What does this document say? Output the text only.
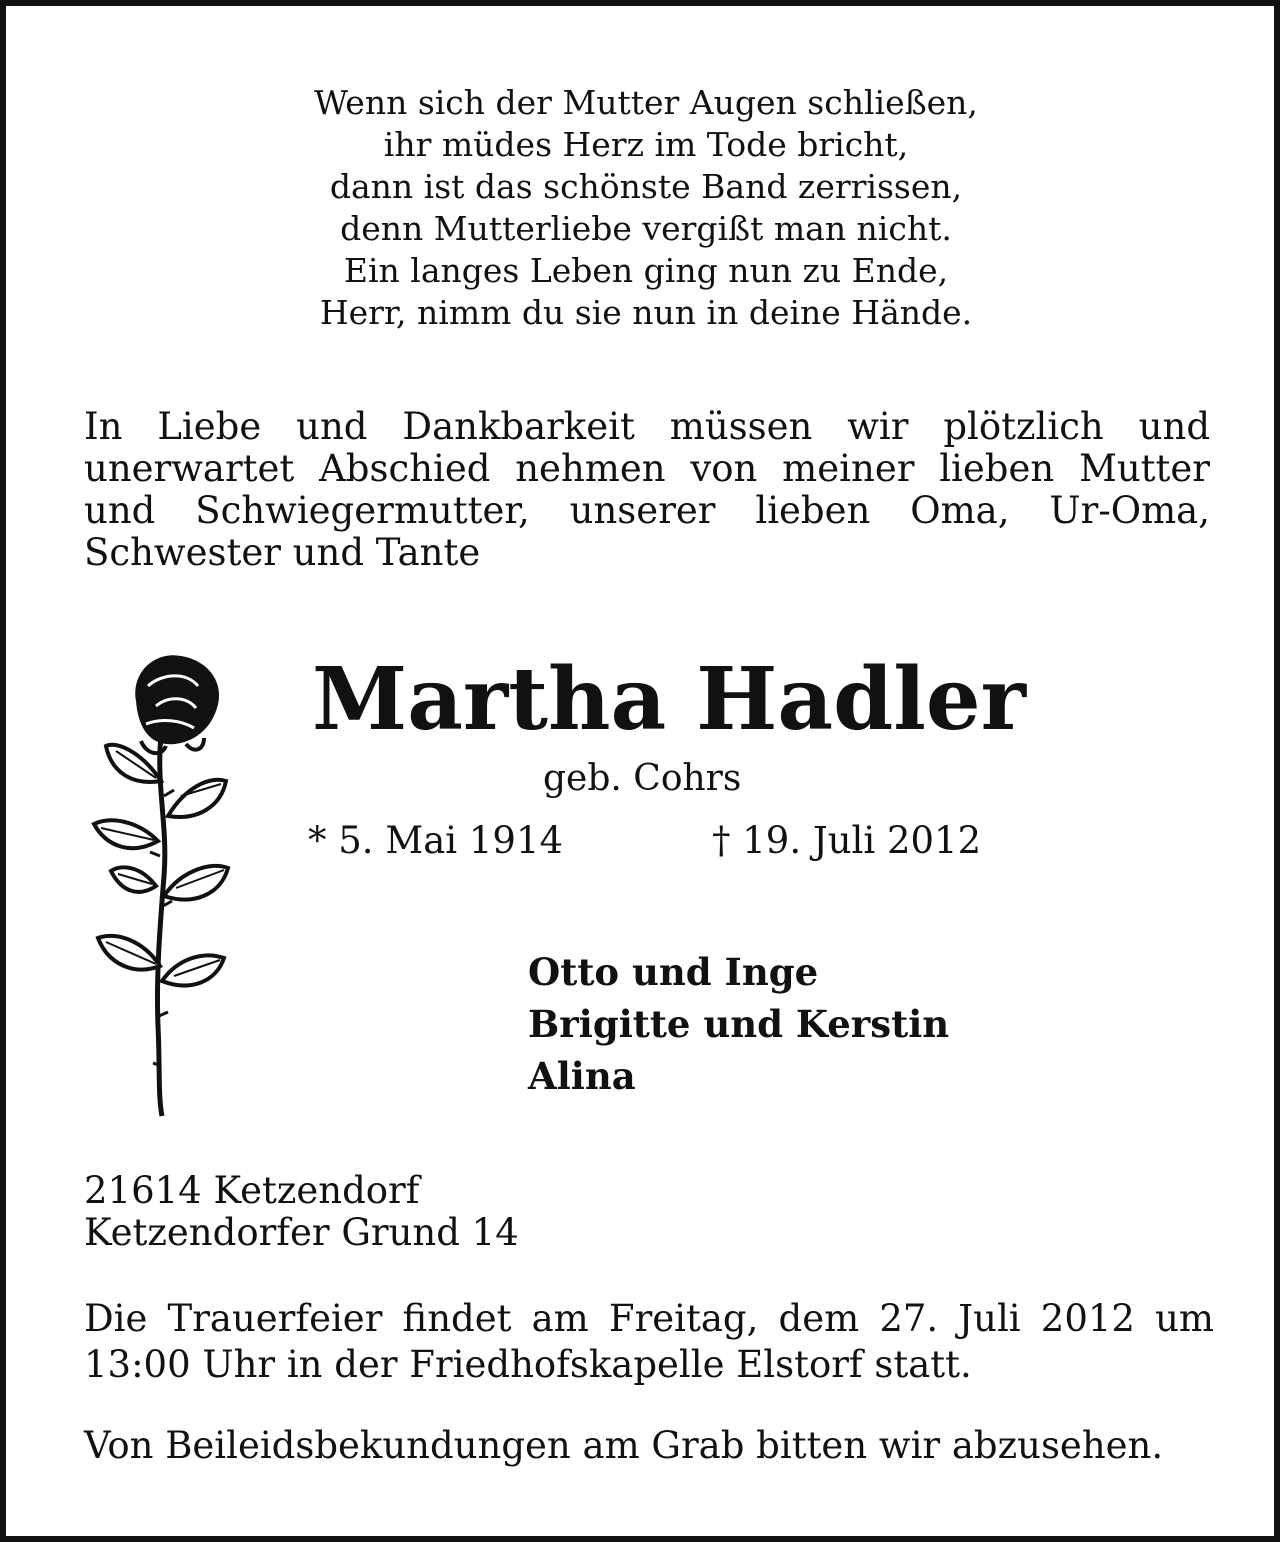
Wenn sich der Mutter Augen schließen,
ihr müdes Herz im Tode bricht,
dann ist das schönste Band zerrissen,
denn Mutterliebe vergißt man nicht.
Ein langes Leben ging nun zu Ende,
Herr, nimm du sie nun in deine Hände.

In Liebe und Dankbarkeit müssen wir plötzlich und unerwartet Abschied nehmen von meiner lieben Mutter und Schwiegermutter, unserer lieben Oma, Ur-Oma, Schwester und Tante

Martha Hadler
geb. Cohrs
* 5. Mai 1914	† 19. Juli 2012
Otto und Inge
Brigitte und Kerstin
Alina
21614 Ketzendorf
Ketzendorfer Grund 14

Die Trauerfeier findet am Freitag, dem 27. Juli 2012 um 13:00 Uhr in der Friedhofskapelle Elstorf statt.

Von Beileidsbekundungen am Grab bitten wir abzusehen.
